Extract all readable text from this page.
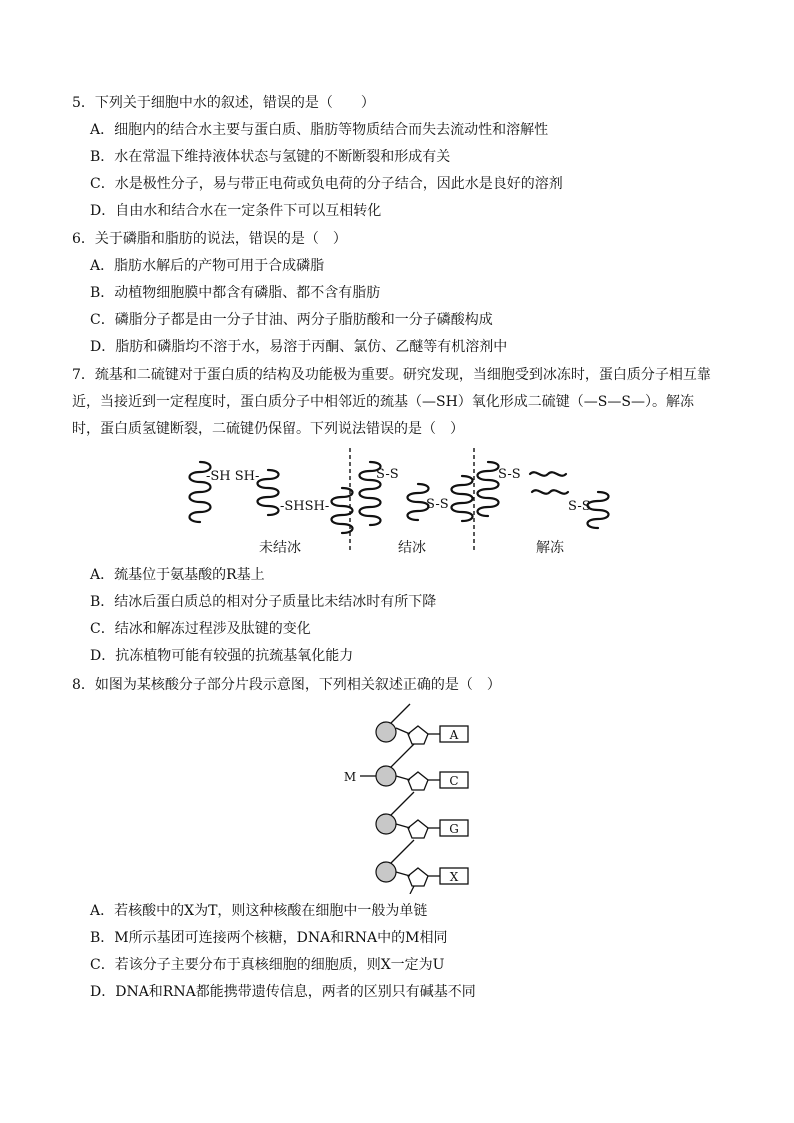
5．下列关于细胞中水的叙述，错误的是（　　）
A．细胞内的结合水主要与蛋白质、脂肪等物质结合而失去流动性和溶解性
B．水在常温下维持液体状态与氢键的不断断裂和形成有关
C．水是极性分子，易与带正电荷或负电荷的分子结合，因此水是良好的溶剂
D．自由水和结合水在一定条件下可以互相转化
6．关于磷脂和脂肪的说法，错误的是（　）
A．脂肪水解后的产物可用于合成磷脂
B．动植物细胞膜中都含有磷脂、都不含有脂肪
C．磷脂分子都是由一分子甘油、两分子脂肪酸和一分子磷酸构成
D．脂肪和磷脂均不溶于水，易溶于丙酮、氯仿、乙醚等有机溶剂中
7．巯基和二硫键对于蛋白质的结构及功能极为重要。研究发现，当细胞受到冰冻时，蛋白质分子相互靠
近，当接近到一定程度时，蛋白质分子中相邻近的巯基（—SH）氧化形成二硫键（—S—S—）。解冻
时，蛋白质氢键断裂，二硫键仍保留。下列说法错误的是（　）
-SH SH-
-SHSH-
S-S
S-S
S-S
S-S
未结冰	结冰	解冻
A．巯基位于氨基酸的R基上
B．结冰后蛋白质总的相对分子质量比未结冰时有所下降
C．结冰和解冻过程涉及肽键的变化
D．抗冻植物可能有较强的抗巯基氧化能力
8．如图为某核酸分子部分片段示意图，下列相关叙述正确的是（　）
A
C
G
X
M
A．若核酸中的X为T，则这种核酸在细胞中一般为单链
B．M所示基团可连接两个核糖，DNA和RNA中的M相同
C．若该分子主要分布于真核细胞的细胞质，则X一定为U
D．DNA和RNA都能携带遗传信息，两者的区别只有碱基不同
